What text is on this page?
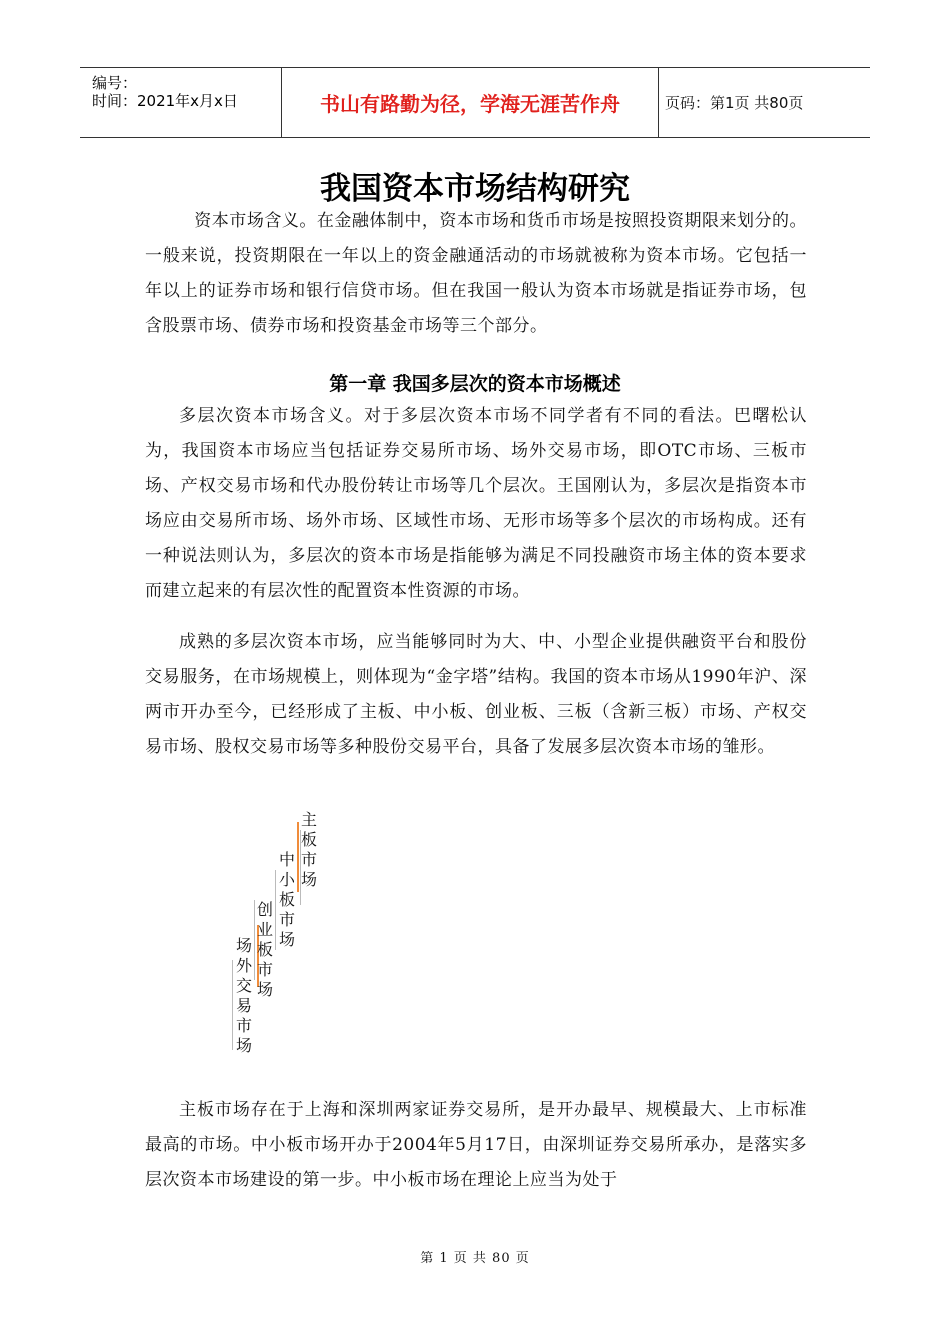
编号：
时间：2021年x月x日	书山有路勤为径，学海无涯苦作舟	页码：第1页 共80页
我国资本市场结构研究

资本市场含义。在金融体制中，资本市场和货币市场是按照投资期限来划分的。一般来说，投资期限在一年以上的资金融通活动的市场就被称为资本市场。它包括一年以上的证券市场和银行信贷市场。但在我国一般认为资本市场就是指证券市场，包含股票市场、债券市场和投资基金市场等三个部分。

第一章 我国多层次的资本市场概述

多层次资本市场含义。对于多层次资本市场不同学者有不同的看法。巴曙松认为，我国资本市场应当包括证券交易所市场、场外交易市场，即OTC市场、三板市场、产权交易市场和代办股份转让市场等几个层次。王国刚认为，多层次是指资本市场应由交易所市场、场外市场、区域性市场、无形市场等多个层次的市场构成。还有一种说法则认为，多层次的资本市场是指能够为满足不同投融资市场主体的资本要求而建立起来的有层次性的配置资本性资源的市场。

成熟的多层次资本市场，应当能够同时为大、中、小型企业提供融资平台和股份交易服务，在市场规模上，则体现为“金字塔”结构。我国的资本市场从1990年沪、深两市开办至今，已经形成了主板、中小板、创业板、三板（含新三板）市场、产权交易市场、股权交易市场等多种股份交易平台，具备了发展多层次资本市场的雏形。

场
外
交
易
市
场
创
业
板
市
场
中
小
板
市
场
主
板
市
场

主板市场存在于上海和深圳两家证券交易所，是开办最早、规模最大、上市标准最高的市场。中小板市场开办于2004年5月17日，由深圳证券交易所承办，是落实多层次资本市场建设的第一步。中小板市场在理论上应当为处于

第 1 页 共 80 页
